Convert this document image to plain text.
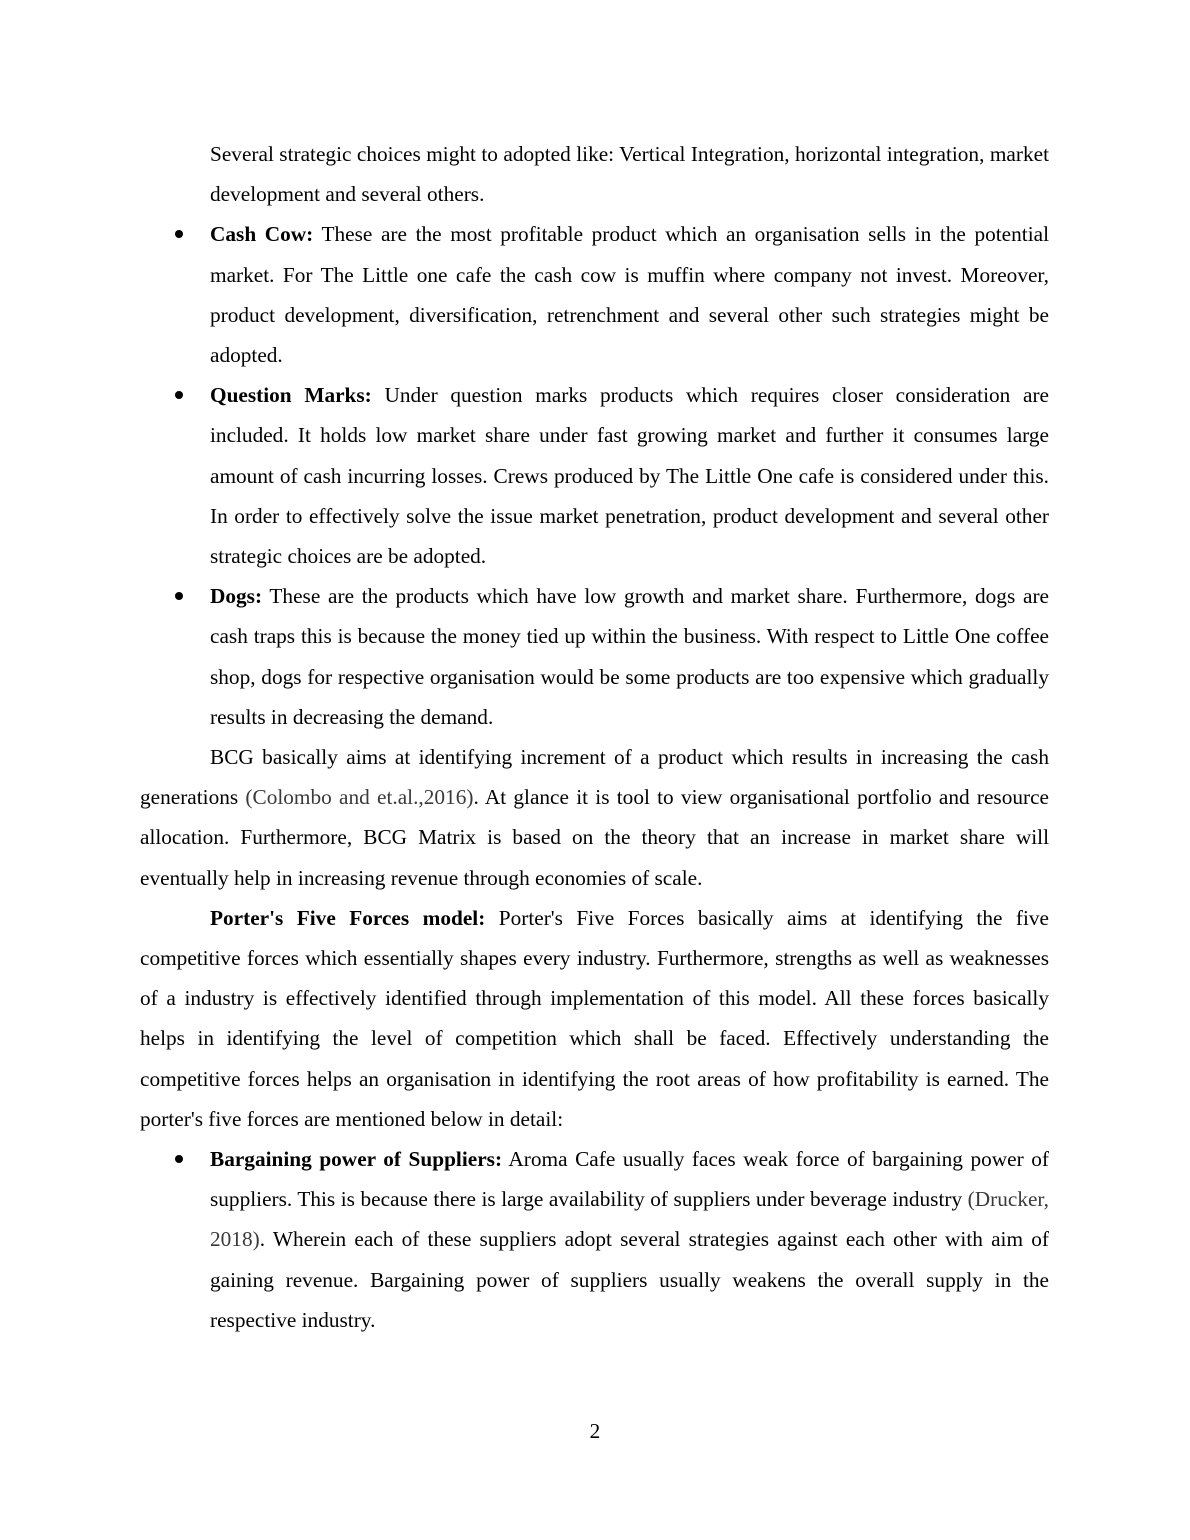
Several strategic choices might to adopted like: Vertical Integration, horizontal integration, market development and several others.

Cash Cow: These are the most profitable product which an organisation sells in the potential market. For The Little one cafe the cash cow is muffin where company not invest. Moreover, product development, diversification, retrenchment and several other such strategies might be adopted.
Question Marks: Under question marks products which requires closer consideration are included. It holds low market share under fast growing market and further it consumes large amount of cash incurring losses. Crews produced by The Little One cafe is considered under this. In order to effectively solve the issue market penetration, product development and several other strategic choices are be adopted.
Dogs: These are the products which have low growth and market share. Furthermore, dogs are cash traps this is because the money tied up within the business. With respect to Little One coffee shop, dogs for respective organisation would be some products are too expensive which gradually results in decreasing the demand.

BCG basically aims at identifying increment of a product which results in increasing the cash generations (Colombo and et.al.,2016). At glance it is tool to view organisational portfolio and resource allocation. Furthermore, BCG Matrix is based on the theory that an increase in market share will eventually help in increasing revenue through economies of scale.

Porter's Five Forces model: Porter's Five Forces basically aims at identifying the five competitive forces which essentially shapes every industry. Furthermore, strengths as well as weaknesses of a industry is effectively identified through implementation of this model. All these forces basically helps in identifying the level of competition which shall be faced. Effectively understanding the competitive forces helps an organisation in identifying the root areas of how profitability is earned. The porter's five forces are mentioned below in detail:

Bargaining power of Suppliers: Aroma Cafe usually faces weak force of bargaining power of suppliers. This is because there is large availability of suppliers under beverage industry (Drucker, 2018). Wherein each of these suppliers adopt several strategies against each other with aim of gaining revenue. Bargaining power of suppliers usually weakens the overall supply in the respective industry.
2
